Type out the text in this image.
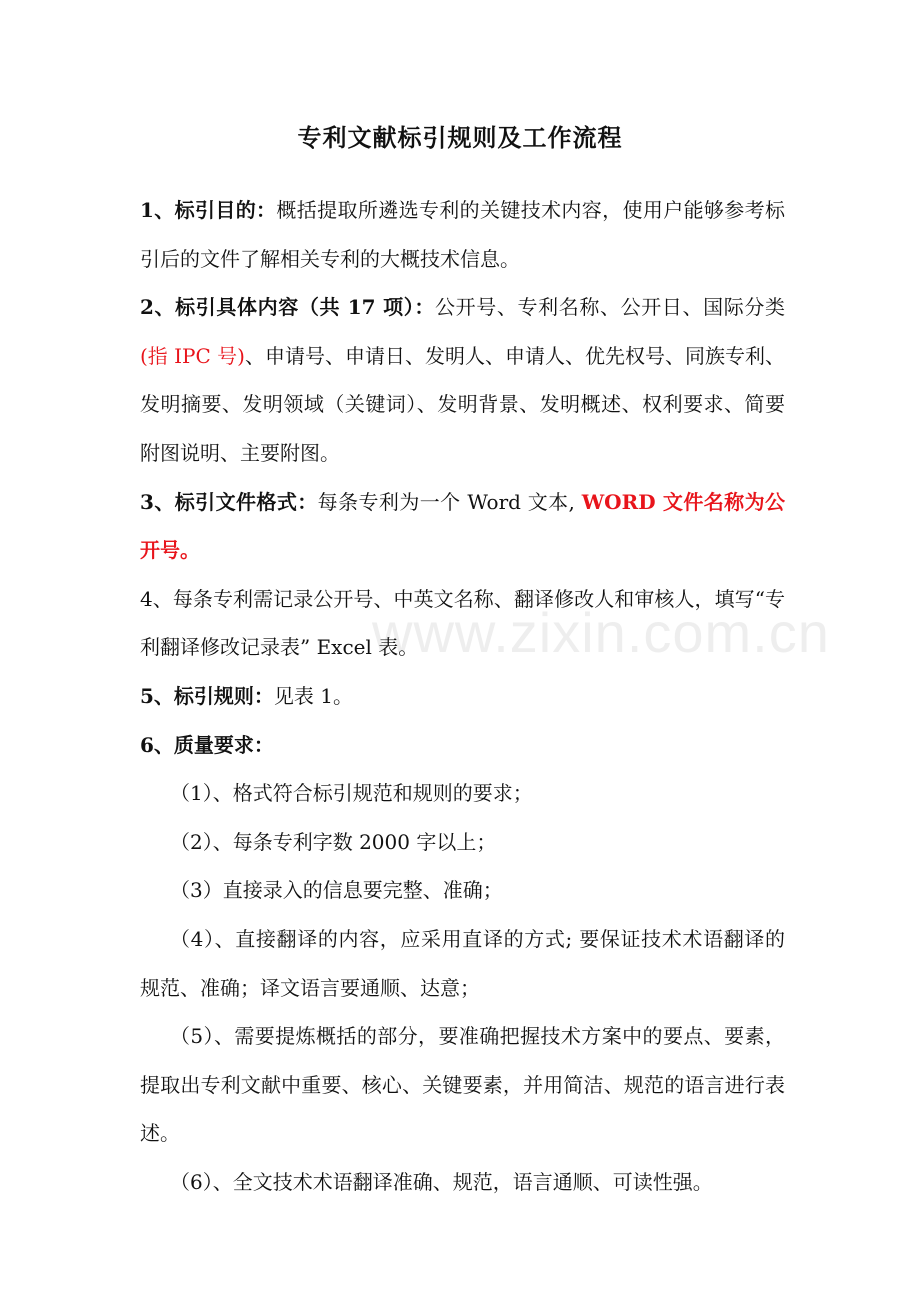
www.zixin.com.cn
专利文献标引规则及工作流程

1、标引目的：概括提取所遴选专利的关键技术内容，使用户能够参考标引后的文件了解相关专利的大概技术信息。

2、标引具体内容（共 17 项）：公开号、专利名称、公开日、国际分类(指 IPC 号)、申请号、申请日、发明人、申请人、优先权号、同族专利、发明摘要、发明领域（关键词）、发明背景、发明概述、权利要求、简要附图说明、主要附图。

3、标引文件格式：每条专利为一个 Word 文本, WORD 文件名称为公开号。

4、每条专利需记录公开号、中英文名称、翻译修改人和审核人，填写“专利翻译修改记录表” Excel 表。

5、标引规则：见表 1。

6、质量要求：

（1）、格式符合标引规范和规则的要求；

（2）、每条专利字数 2000 字以上；

（3）直接录入的信息要完整、准确；

（4）、直接翻译的内容，应采用直译的方式; 要保证技术术语翻译的规范、准确；译文语言要通顺、达意；

（5）、需要提炼概括的部分，要准确把握技术方案中的要点、要素，提取出专利文献中重要、核心、关键要素，并用简洁、规范的语言进行表述。

（6）、全文技术术语翻译准确、规范，语言通顺、可读性强。
